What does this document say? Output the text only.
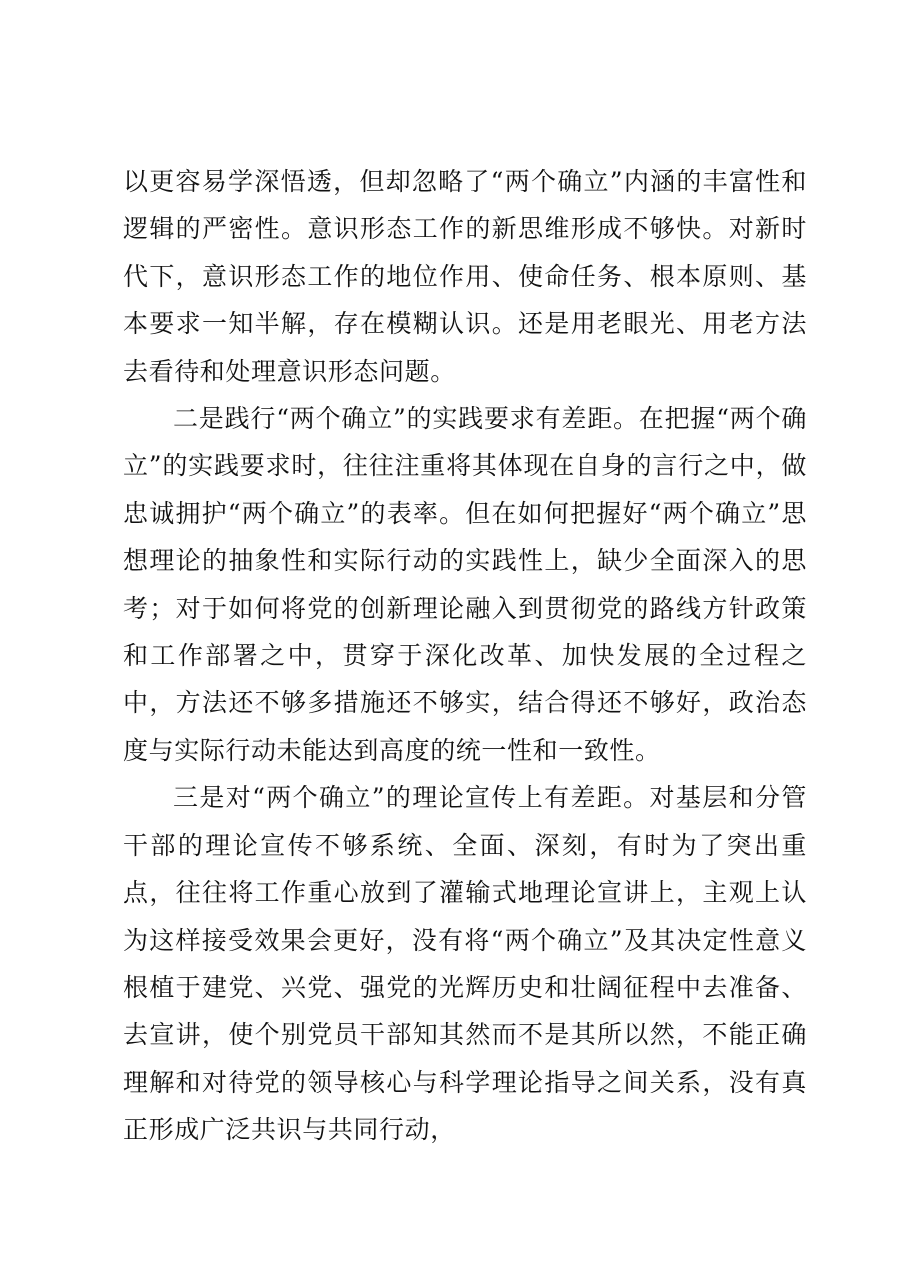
以更容易学深悟透，但却忽略了“两个确立”内涵的丰富性和逻辑的严密性。意识形态工作的新思维形成不够快。对新时代下，意识形态工作的地位作用、使命任务、根本原则、基本要求一知半解，存在模糊认识。还是用老眼光、用老方法去看待和处理意识形态问题。

二是践行“两个确立”的实践要求有差距。在把握“两个确立”的实践要求时，往往注重将其体现在自身的言行之中，做忠诚拥护“两个确立”的表率。但在如何把握好“两个确立”思想理论的抽象性和实际行动的实践性上，缺少全面深入的思考；对于如何将党的创新理论融入到贯彻党的路线方针政策和工作部署之中，贯穿于深化改革、加快发展的全过程之中，方法还不够多措施还不够实，结合得还不够好，政治态度与实际行动未能达到高度的统一性和一致性。

三是对“两个确立”的理论宣传上有差距。对基层和分管干部的理论宣传不够系统、全面、深刻，有时为了突出重点，往往将工作重心放到了灌输式地理论宣讲上，主观上认为这样接受效果会更好，没有将“两个确立”及其决定性意义根植于建党、兴党、强党的光辉历史和壮阔征程中去准备、去宣讲，使个别党员干部知其然而不是其所以然，不能正确理解和对待党的领导核心与科学理论指导之间关系，没有真正形成广泛共识与共同行动，
